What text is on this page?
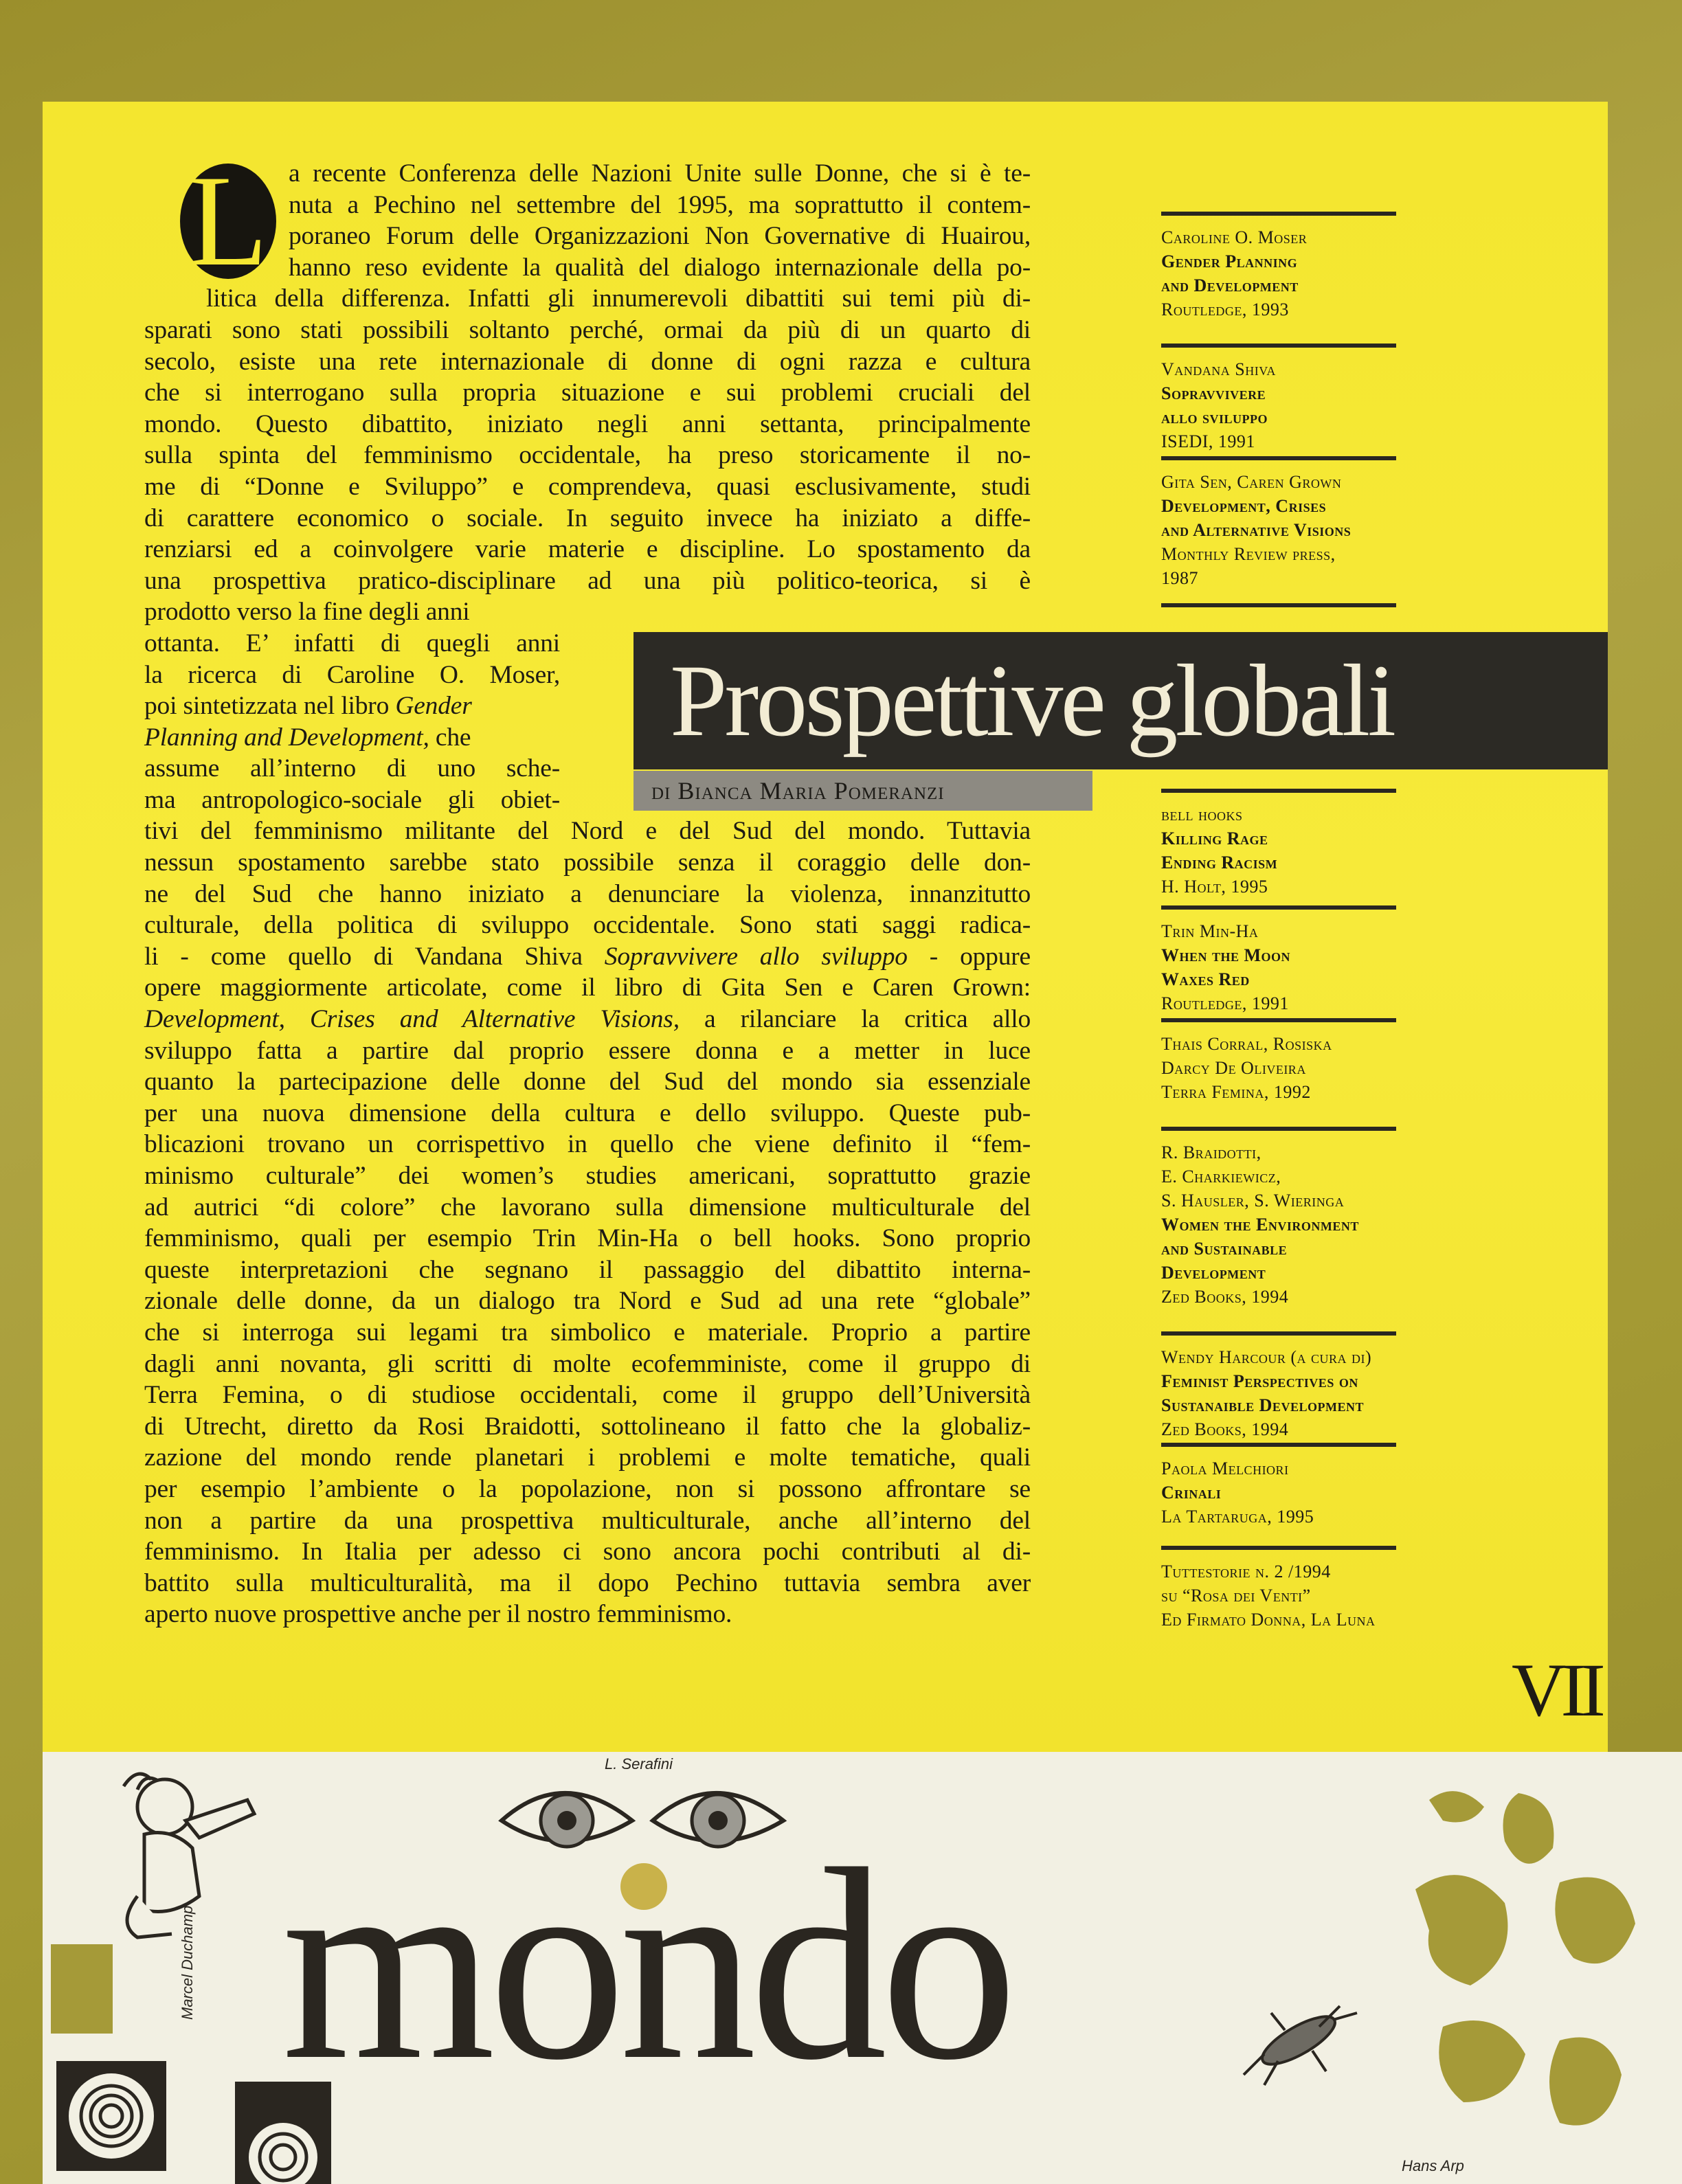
L a recente Conferenza delle Nazioni Unite sulle Donne, che si è te-
nuta a Pechino nel settembre del 1995, ma soprattutto il contem-
poraneo Forum delle Organizzazioni Non Governative di Huairou,
hanno reso evidente la qualità del dialogo internazionale della po-
litica della differenza. Infatti gli innumerevoli dibattiti sui temi più di-
sparati sono stati possibili soltanto perché, ormai da più di un quarto di
secolo, esiste una rete internazionale di donne di ogni razza e cultura
che si interrogano sulla propria situazione e sui problemi cruciali del
mondo. Questo dibattito, iniziato negli anni settanta, principalmente
sulla spinta del femminismo occidentale, ha preso storicamente il no-
me di “Donne e Sviluppo” e comprendeva, quasi esclusivamente, studi
di carattere economico o sociale. In seguito invece ha iniziato a diffe-
renziarsi ed a coinvolgere varie materie e discipline. Lo spostamento da
una prospettiva pratico-disciplinare ad una più politico-teorica, si è
prodotto verso la fine degli anni
ottanta. E’ infatti di quegli anni
la ricerca di Caroline O. Moser,
poi sintetizzata nel libro Gender
Planning and Development, che
assume all’interno di uno sche-
ma antropologico-sociale gli obiet-
tivi del femminismo militante del Nord e del Sud del mondo. Tuttavia
nessun spostamento sarebbe stato possibile senza il coraggio delle don-
ne del Sud che hanno iniziato a denunciare la violenza, innanzitutto
culturale, della politica di sviluppo occidentale. Sono stati saggi radica-
li - come quello di Vandana Shiva Sopravvivere allo sviluppo - oppure
opere maggiormente articolate, come il libro di Gita Sen e Caren Grown:
Development, Crises and Alternative Visions, a rilanciare la critica allo
sviluppo fatta a partire dal proprio essere donna e a metter in luce
quanto la partecipazione delle donne del Sud del mondo sia essenziale
per una nuova dimensione della cultura e dello sviluppo. Queste pub-
blicazioni trovano un corrispettivo in quello che viene definito il “fem-
minismo culturale” dei women’s studies americani, soprattutto grazie
ad autrici “di colore” che lavorano sulla dimensione multiculturale del
femminismo, quali per esempio Trin Min-Ha o bell hooks. Sono proprio
queste interpretazioni che segnano il passaggio del dibattito interna-
zionale delle donne, da un dialogo tra Nord e Sud ad una rete “globale”
che si interroga sui legami tra simbolico e materiale. Proprio a partire
dagli anni novanta, gli scritti di molte ecofemministe, come il gruppo di
Terra Femina, o di studiose occidentali, come il gruppo dell’Università
di Utrecht, diretto da Rosi Braidotti, sottolineano il fatto che la globaliz-
zazione del mondo rende planetari i problemi e molte tematiche, quali
per esempio l’ambiente o la popolazione, non si possono affrontare se
non a partire da una prospettiva multiculturale, anche all’interno del
femminismo. In Italia per adesso ci sono ancora pochi contributi al di-
battito sulla multiculturalità, ma il dopo Pechino tuttavia sembra aver
aperto nuove prospettive anche per il nostro femminismo.
Prospettive globali
di Bianca Maria Pomeranzi
Caroline O. Moser
Gender Planning
and Development
Routledge, 1993
Vandana Shiva
Sopravvivere
allo sviluppo
ISEDI, 1991
Gita Sen, Caren Grown
Development, Crises
and Alternative Visions
Monthly Review press,
1987
bell hooks
Killing Rage
Ending Racism
H. Holt, 1995
Trin Min-Ha
When the Moon
Waxes Red
Routledge, 1991
Thais Corral, Rosiska
Darcy De Oliveira
Terra Femina, 1992
R. Braidotti,
E. Charkiewicz,
S. Hausler, S. Wieringa
Women the Environment
and Sustainable
Development
Zed Books, 1994
Wendy Harcour (a cura di)
Feminist Perspectives on
Sustanaible Development
Zed Books, 1994
Paola Melchiori
Crinali
La Tartaruga, 1995
Tuttestorie n. 2 /1994
su “Rosa dei Venti”
Ed Firmato Donna, La Luna
VII
Marcel Duchamp
L. Serafini
Hans Arp
mondo
